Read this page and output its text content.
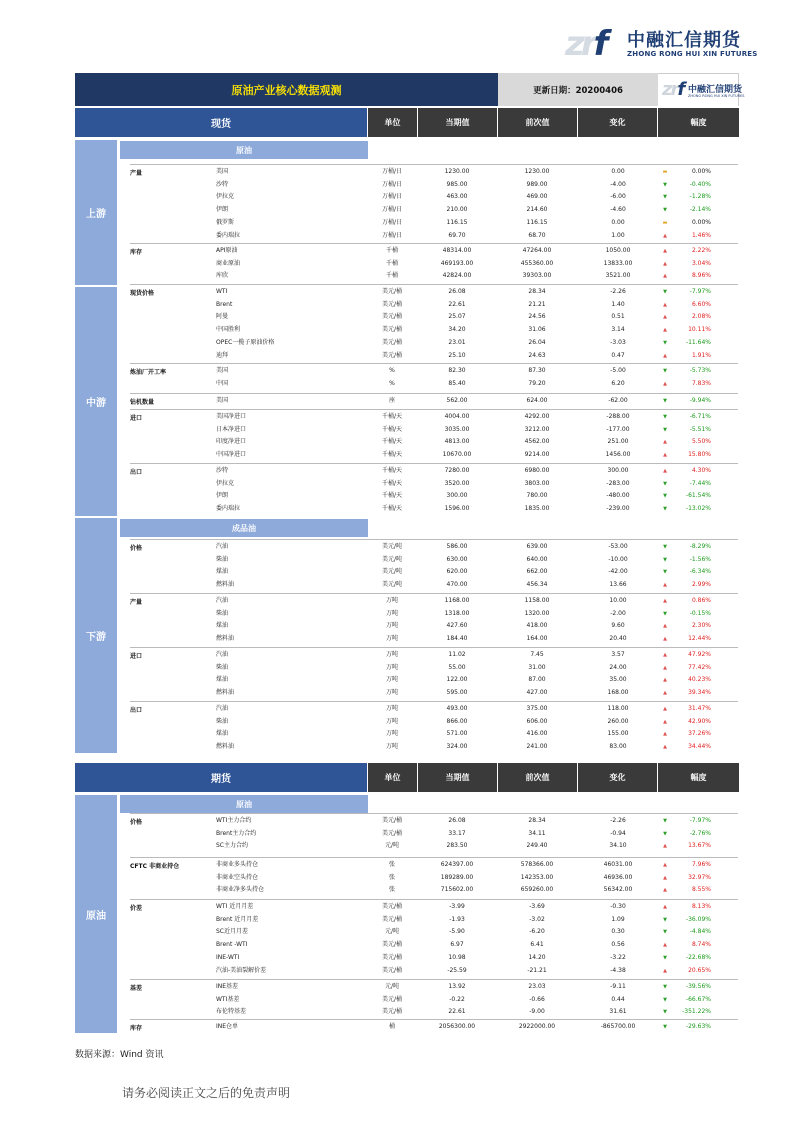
zrf 中融汇信期货
ZHONG RONG HUI XIN FUTURES
原油产业核心数据观测	更新日期：20200406	zrf 中融汇信期货
ZHONG RONG HUI XIN FUTURES
现货	单位	当期值	前次值	变化	幅度
上游
中游
下游
原油
成品油
期货	单位	当期值	前次值	变化	幅度
原油
原油
产量	美国	万桶/日	1230.00	1230.00	0.00	▬	0.00%
沙特	万桶/日	985.00	989.00	-4.00	▼	-0.40%
伊拉克	万桶/日	463.00	469.00	-6.00	▼	-1.28%
伊朗	万桶/日	210.00	214.60	-4.60	▼	-2.14%
俄罗斯	万桶/日	116.15	116.15	0.00	▬	0.00%
委内瑞拉	万桶/日	69.70	68.70	1.00	▲	1.46%
库存	API原油	千桶	48314.00	47264.00	1050.00	▲	2.22%
商业原油	千桶	469193.00	455360.00	13833.00	▲	3.04%
库欣	千桶	42824.00	39303.00	3521.00	▲	8.96%
现货价格	WTI	美元/桶	26.08	28.34	-2.26	▼	-7.97%
Brent	美元/桶	22.61	21.21	1.40	▲	6.60%
阿曼	美元/桶	25.07	24.56	0.51	▲	2.08%
中国胜利	美元/桶	34.20	31.06	3.14	▲	10.11%
OPEC一揽子原油价格	美元/桶	23.01	26.04	-3.03	▼	-11.64%
迪拜	美元/桶	25.10	24.63	0.47	▲	1.91%
炼油厂开工率	美国	%	82.30	87.30	-5.00	▼	-5.73%
中国	%	85.40	79.20	6.20	▲	7.83%
钻机数量	美国	座	562.00	624.00	-62.00	▼	-9.94%
进口	美国净进口	千桶/天	4004.00	4292.00	-288.00	▼	-6.71%
日本净进口	千桶/天	3035.00	3212.00	-177.00	▼	-5.51%
印度净进口	千桶/天	4813.00	4562.00	251.00	▲	5.50%
中国净进口	千桶/天	10670.00	9214.00	1456.00	▲	15.80%
出口	沙特	千桶/天	7280.00	6980.00	300.00	▲	4.30%
伊拉克	千桶/天	3520.00	3803.00	-283.00	▼	-7.44%
伊朗	千桶/天	300.00	780.00	-480.00	▼	-61.54%
委内瑞拉	千桶/天	1596.00	1835.00	-239.00	▼	-13.02%
价格	汽油	美元/吨	586.00	639.00	-53.00	▼	-8.29%
柴油	美元/吨	630.00	640.00	-10.00	▼	-1.56%
煤油	美元/吨	620.00	662.00	-42.00	▼	-6.34%
燃料油	美元/吨	470.00	456.34	13.66	▲	2.99%
产量	汽油	万吨	1168.00	1158.00	10.00	▲	0.86%
柴油	万吨	1318.00	1320.00	-2.00	▼	-0.15%
煤油	万吨	427.60	418.00	9.60	▲	2.30%
燃料油	万吨	184.40	164.00	20.40	▲	12.44%
进口	汽油	万吨	11.02	7.45	3.57	▲	47.92%
柴油	万吨	55.00	31.00	24.00	▲	77.42%
煤油	万吨	122.00	87.00	35.00	▲	40.23%
燃料油	万吨	595.00	427.00	168.00	▲	39.34%
出口	汽油	万吨	493.00	375.00	118.00	▲	31.47%
柴油	万吨	866.00	606.00	260.00	▲	42.90%
煤油	万吨	571.00	416.00	155.00	▲	37.26%
燃料油	万吨	324.00	241.00	83.00	▲	34.44%
价格	WTI主力合约	美元/桶	26.08	28.34	-2.26	▼	-7.97%
Brent主力合约	美元/桶	33.17	34.11	-0.94	▼	-2.76%
SC主力合约	元/吨	283.50	249.40	34.10	▲	13.67%
CFTC 非商业持仓	非商业多头持仓	张	624397.00	578366.00	46031.00	▲	7.96%
非商业空头持仓	张	189289.00	142353.00	46936.00	▲	32.97%
非商业净多头持仓	张	715602.00	659260.00	56342.00	▲	8.55%
价差	WTI 近月月差	美元/桶	-3.99	-3.69	-0.30	▲	8.13%
Brent 近月月差	美元/桶	-1.93	-3.02	1.09	▼	-36.09%
SC近月月差	元/吨	-5.90	-6.20	0.30	▼	-4.84%
Brent -WTI	美元/桶	6.97	6.41	0.56	▲	8.74%
INE-WTI	美元/桶	10.98	14.20	-3.22	▼	-22.68%
汽油-美油裂解价差	美元/桶	-25.59	-21.21	-4.38	▲	20.65%
基差	INE基差	元/吨	13.92	23.03	-9.11	▼	-39.56%
WTI基差	美元/桶	-0.22	-0.66	0.44	▼	-66.67%
布伦特基差	美元/桶	22.61	-9.00	31.61	▼	-351.22%
库存	INE仓单	桶	2056300.00	2922000.00	-865700.00	▼	-29.63%
数据来源：Wind 资讯
请务必阅读正文之后的免责声明
